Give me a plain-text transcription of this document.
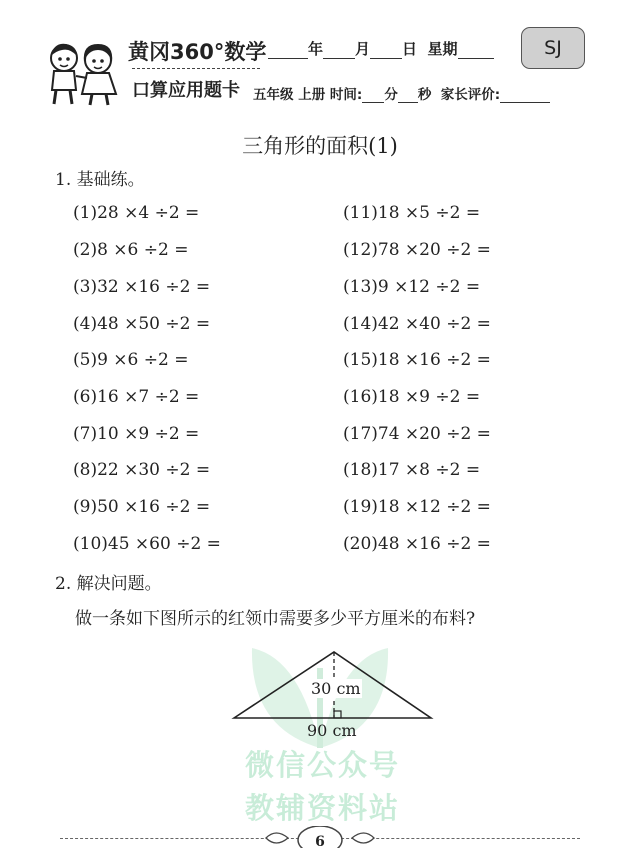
黄冈360°数学
口算应用题卡
年 月 日 星期	SJ
五年级 上册 时间: 分 秒 家长评价:
三角形的面积(1)
1. 基础练。
(1)28 ×4 ÷2 =
(2)8 ×6 ÷2 =
(3)32 ×16 ÷2 =
(4)48 ×50 ÷2 =
(5)9 ×6 ÷2 =
(6)16 ×7 ÷2 =
(7)10 ×9 ÷2 =
(8)22 ×30 ÷2 =
(9)50 ×16 ÷2 =
(10)45 ×60 ÷2 =
(11)18 ×5 ÷2 =
(12)78 ×20 ÷2 =
(13)9 ×12 ÷2 =
(14)42 ×40 ÷2 =
(15)18 ×16 ÷2 =
(16)18 ×9 ÷2 =
(17)74 ×20 ÷2 =
(18)17 ×8 ÷2 =
(19)18 ×12 ÷2 =
(20)48 ×16 ÷2 =
2. 解决问题。
做一条如下图所示的红领巾需要多少平方厘米的布料?
微信公众号
教辅资料站
30 cm
90 cm
6
